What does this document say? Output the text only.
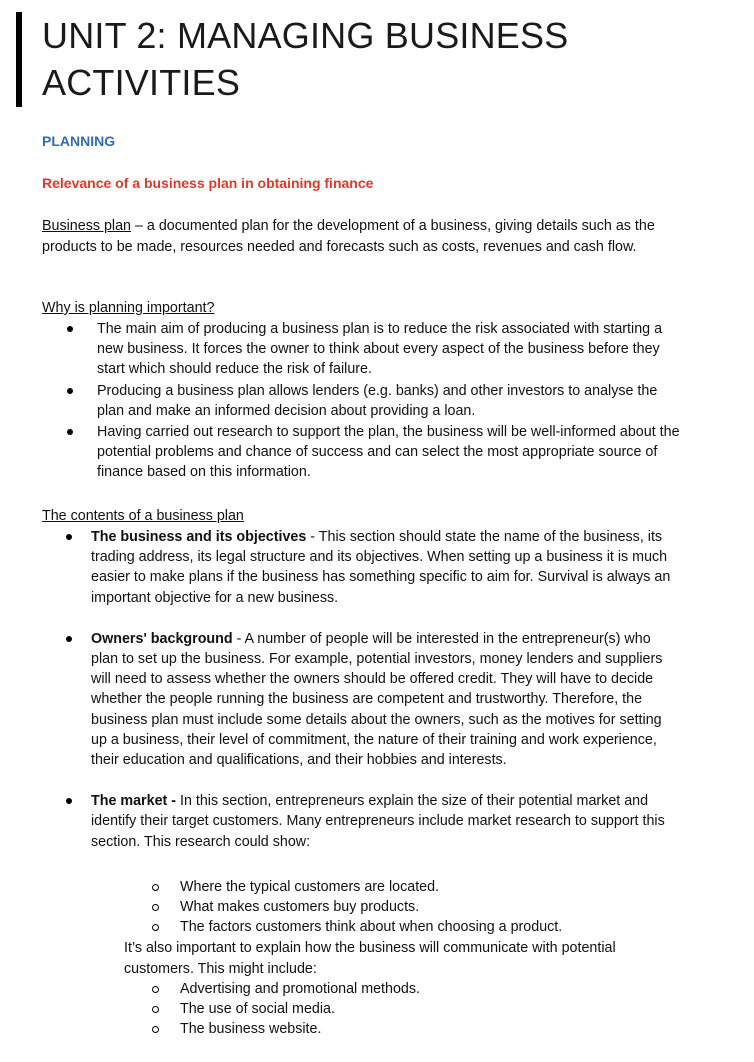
UNIT 2: MANAGING BUSINESS ACTIVITIES

PLANNING

Relevance of a business plan in obtaining finance

Business plan – a documented plan for the development of a business, giving details such as the products to be made, resources needed and forecasts such as costs, revenues and cash flow.

Why is planning important?

The main aim of producing a business plan is to reduce the risk associated with starting a new business. It forces the owner to think about every aspect of the business before they start which should reduce the risk of failure.
Producing a business plan allows lenders (e.g. banks) and other investors to analyse the plan and make an informed decision about providing a loan.
Having carried out research to support the plan, the business will be well-informed about the potential problems and chance of success and can select the most appropriate source of finance based on this information.

The contents of a business plan

The business and its objectives - This section should state the name of the business, its trading address, its legal structure and its objectives. When setting up a business it is much easier to make plans if the business has something specific to aim for. Survival is always an important objective for a new business.
Owners' background - A number of people will be interested in the entrepreneur(s) who plan to set up the business. For example, potential investors, money lenders and suppliers will need to assess whether the owners should be offered credit. They will have to decide whether the people running the business are competent and trustworthy. Therefore, the business plan must include some details about the owners, such as the motives for setting up a business, their level of commitment, the nature of their training and work experience, their education and qualifications, and their hobbies and interests.
The market - In this section, entrepreneurs explain the size of their potential market and identify their target customers. Many entrepreneurs include market research to support this section. This research could show:

Where the typical customers are located.

What makes customers buy products.

The factors customers think about when choosing a product.

It’s also important to explain how the business will communicate with potential customers. This might include:

Advertising and promotional methods.

The use of social media.

The business website.
